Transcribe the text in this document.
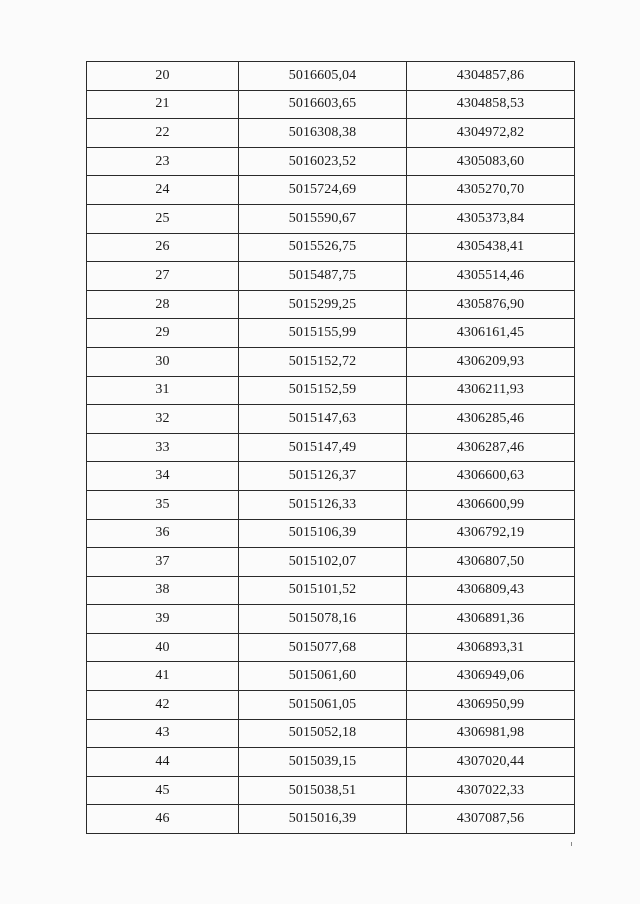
20	5016605,04	4304857,86
21	5016603,65	4304858,53
22	5016308,38	4304972,82
23	5016023,52	4305083,60
24	5015724,69	4305270,70
25	5015590,67	4305373,84
26	5015526,75	4305438,41
27	5015487,75	4305514,46
28	5015299,25	4305876,90
29	5015155,99	4306161,45
30	5015152,72	4306209,93
31	5015152,59	4306211,93
32	5015147,63	4306285,46
33	5015147,49	4306287,46
34	5015126,37	4306600,63
35	5015126,33	4306600,99
36	5015106,39	4306792,19
37	5015102,07	4306807,50
38	5015101,52	4306809,43
39	5015078,16	4306891,36
40	5015077,68	4306893,31
41	5015061,60	4306949,06
42	5015061,05	4306950,99
43	5015052,18	4306981,98
44	5015039,15	4307020,44
45	5015038,51	4307022,33
46	5015016,39	4307087,56
